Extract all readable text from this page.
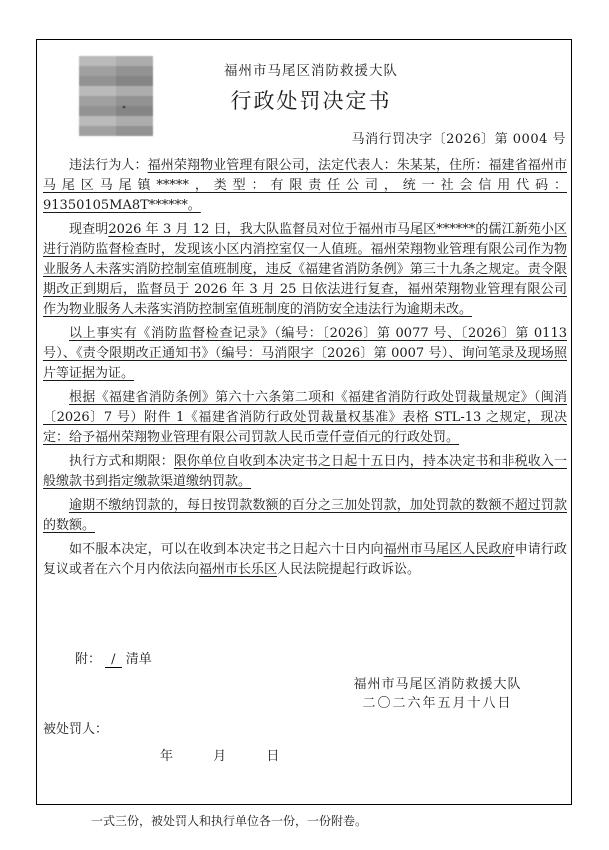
福州市马尾区消防救援大队
行政处罚决定书
马消行罚决字〔2026〕第 0004 号

违法行为人：福州荣翔物业管理有限公司，法定代表人：朱某某，住所：福建省福州市马尾区马尾镇*****，类型：有限责任公司，统一社会信用代码：91350105MA8T******。

现查明2026 年 3 月 12 日，我大队监督员对位于福州市马尾区******的儒江新苑小区进行消防监督检查时，发现该小区内消控室仅一人值班。福州荣翔物业管理有限公司作为物业服务人未落实消防控制室值班制度，违反《福建省消防条例》第三十九条之规定。责令限期改正到期后，监督员于 2026 年 3 月 25 日依法进行复查，福州荣翔物业管理有限公司作为物业服务人未落实消防控制室值班制度的消防安全违法行为逾期未改。

以上事实有《消防监督检查记录》（编号：〔2026〕第 0077 号、〔2026〕第 0113 号）、《责令限期改正通知书》（编号：马消限字〔2026〕第 0007 号）、询问笔录及现场照片等证据为证。

根据《福建省消防条例》第六十六条第二项和《福建省消防行政处罚裁量规定》（闽消〔2026〕7 号）附件 1《福建省消防行政处罚裁量权基准》表格 STL-13 之规定，现决定：给予福州荣翔物业管理有限公司罚款人民币壹仟壹佰元的行政处罚。

执行方式和期限：限你单位自收到本决定书之日起十五日内，持本决定书和非税收入一般缴款书到指定缴款渠道缴纳罚款。

逾期不缴纳罚款的，每日按罚款数额的百分之三加处罚款，加处罚款的数额不超过罚款的数额。

如不服本决定，可以在收到本决定书之日起六十日内向福州市马尾区人民政府申请行政复议或者在六个月内依法向福州市长乐区人民法院提起行政诉讼。

附： / 清单
福州市马尾区消防救援大队
二〇二六年五月十八日
被处罚人：
年	月	日
一式三份，被处罚人和执行单位各一份，一份附卷。
